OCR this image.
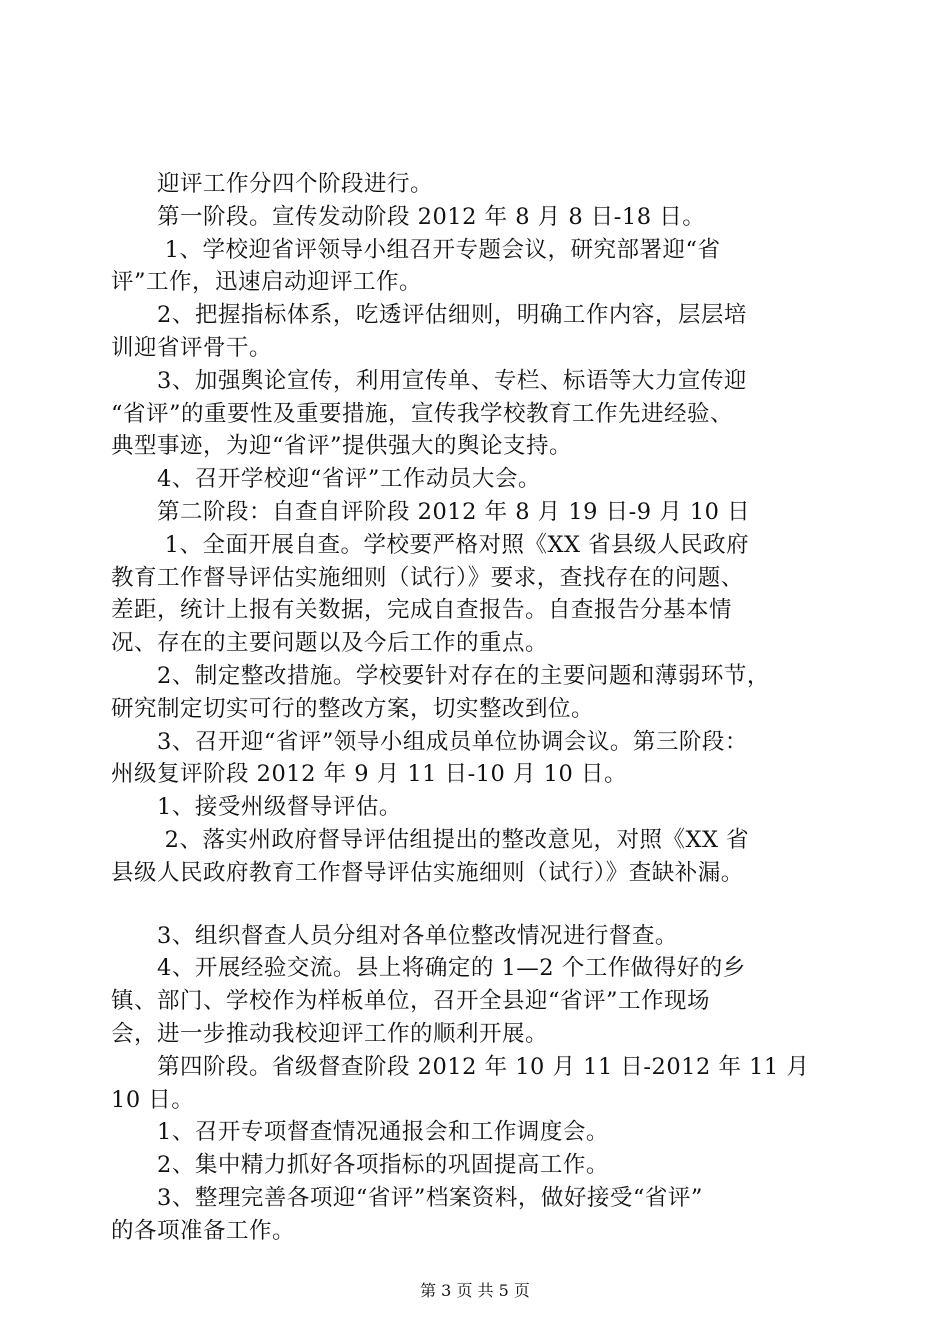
　　迎评工作分四个阶段进行。
　　第一阶段。宣传发动阶段 2012 年 8 月 8 日-18 日。
　　 1、学校迎省评领导小组召开专题会议，研究部署迎“省
评”工作，迅速启动迎评工作。
　　2、把握指标体系，吃透评估细则，明确工作内容，层层培
训迎省评骨干。
　　3、加强舆论宣传，利用宣传单、专栏、标语等大力宣传迎
“省评”的重要性及重要措施，宣传我学校教育工作先进经验、
典型事迹，为迎“省评”提供强大的舆论支持。
　　4、召开学校迎“省评”工作动员大会。
　　第二阶段：自查自评阶段 2012 年 8 月 19 日-9 月 10 日
　　 1、全面开展自查。学校要严格对照《XX 省县级人民政府
教育工作督导评估实施细则（试行）》要求，查找存在的问题、
差距，统计上报有关数据，完成自查报告。自查报告分基本情
况、存在的主要问题以及今后工作的重点。
　　2、制定整改措施。学校要针对存在的主要问题和薄弱环节，
研究制定切实可行的整改方案，切实整改到位。
　　3、召开迎“省评”领导小组成员单位协调会议。第三阶段：
州级复评阶段 2012 年 9 月 11 日-10 月 10 日。
　　1、接受州级督导评估。
　　 2、落实州政府督导评估组提出的整改意见，对照《XX 省
县级人民政府教育工作督导评估实施细则（试行）》查缺补漏。
　　3、组织督查人员分组对各单位整改情况进行督查。
　　4、开展经验交流。县上将确定的 1—2 个工作做得好的乡
镇、部门、学校作为样板单位，召开全县迎“省评”工作现场
会，进一步推动我校迎评工作的顺利开展。
　　第四阶段。省级督查阶段 2012 年 10 月 11 日-2012 年 11 月
10 日。
　　1、召开专项督查情况通报会和工作调度会。
　　2、集中精力抓好各项指标的巩固提高工作。
　　3、整理完善各项迎“省评”档案资料，做好接受“省评”
的各项准备工作。
第 3 页 共 5 页
